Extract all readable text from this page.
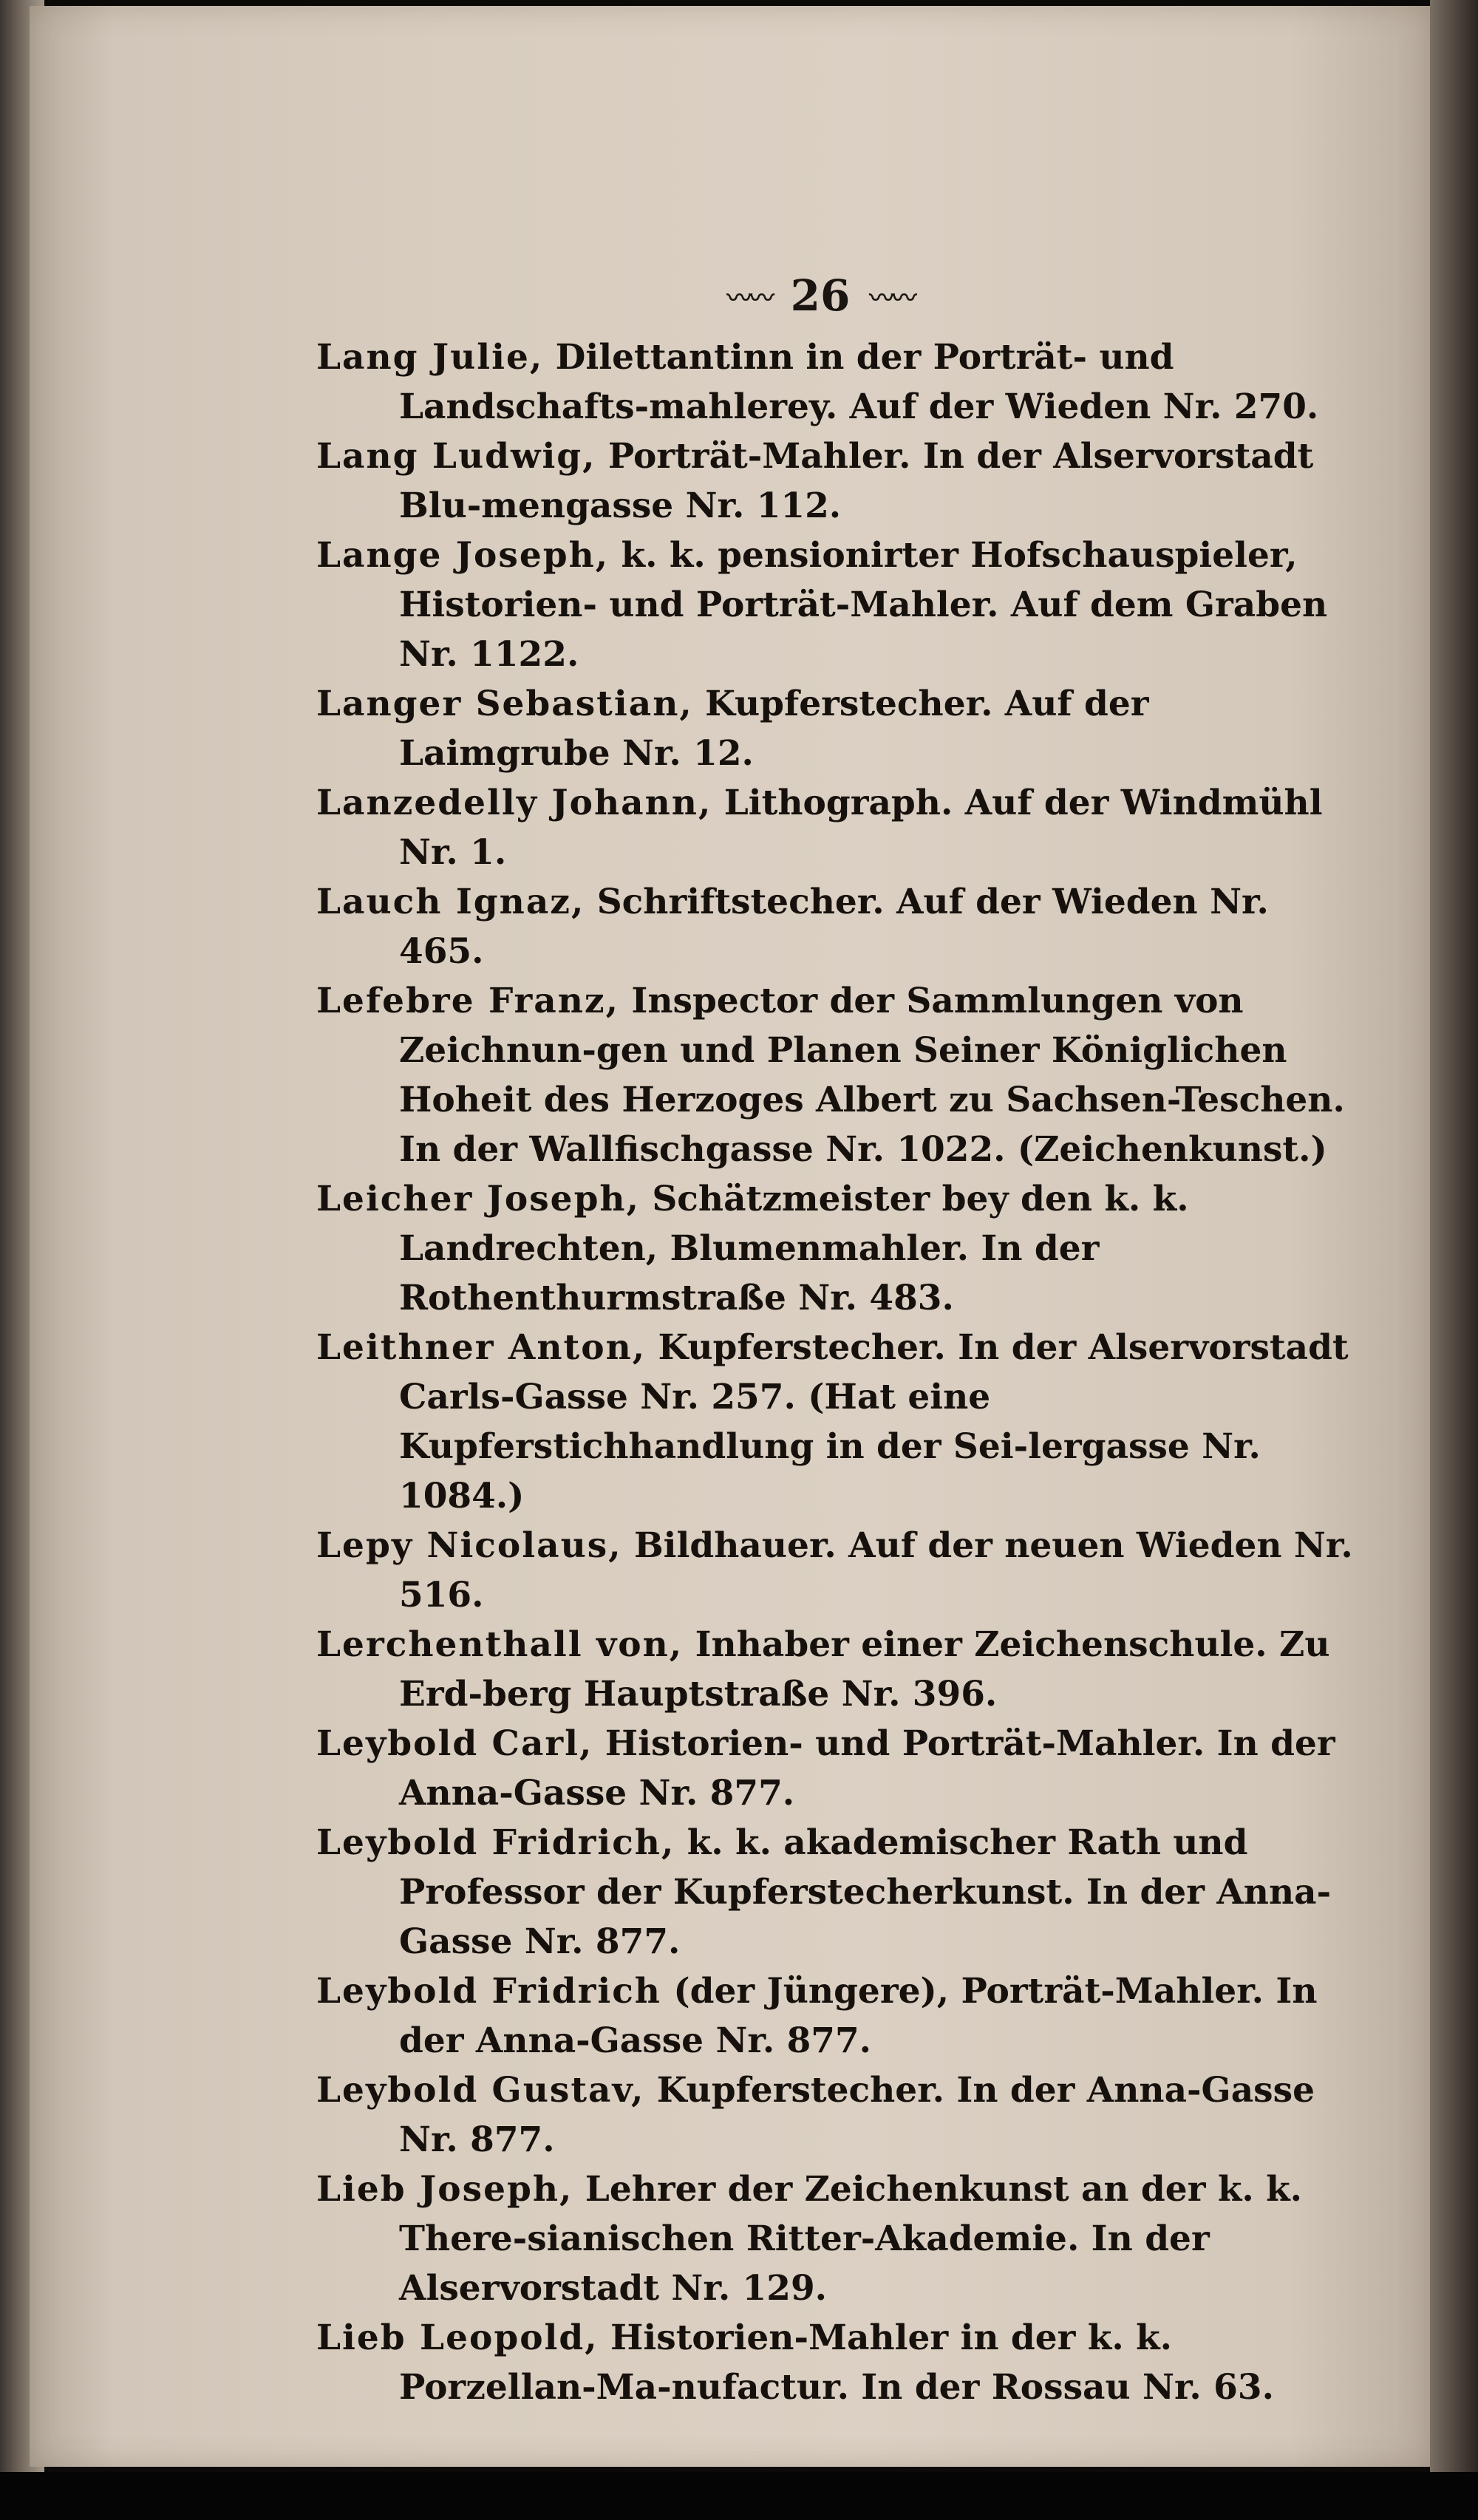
〰〰 26 〰〰

Lang Julie, Dilettantinn in der Porträt- und Landschafts-mahlerey. Auf der Wieden Nr. 270.

Lang Ludwig, Porträt-Mahler. In der Alservorstadt Blu-mengasse Nr. 112.

Lange Joseph, k. k. pensionirter Hofschauspieler, Historien- und Porträt-Mahler. Auf dem Graben Nr. 1122.

Langer Sebastian, Kupferstecher. Auf der Laimgrube Nr. 12.

Lanzedelly Johann, Lithograph. Auf der Windmühl Nr. 1.

Lauch Ignaz, Schriftstecher. Auf der Wieden Nr. 465.

Lefebre Franz, Inspector der Sammlungen von Zeichnun-gen und Planen Seiner Königlichen Hoheit des Herzoges Albert zu Sachsen-Teschen. In der Wallfischgasse Nr. 1022. (Zeichenkunst.)

Leicher Joseph, Schätzmeister bey den k. k. Landrechten, Blumenmahler. In der Rothenthurmstraße Nr. 483.

Leithner Anton, Kupferstecher. In der Alservorstadt Carls-Gasse Nr. 257. (Hat eine Kupferstichhandlung in der Sei-lergasse Nr. 1084.)

Lepy Nicolaus, Bildhauer. Auf der neuen Wieden Nr. 516.

Lerchenthall von, Inhaber einer Zeichenschule. Zu Erd-berg Hauptstraße Nr. 396.

Leybold Carl, Historien- und Porträt-Mahler. In der Anna-Gasse Nr. 877.

Leybold Fridrich, k. k. akademischer Rath und Professor der Kupferstecherkunst. In der Anna-Gasse Nr. 877.

Leybold Fridrich (der Jüngere), Porträt-Mahler. In der Anna-Gasse Nr. 877.

Leybold Gustav, Kupferstecher. In der Anna-Gasse Nr. 877.

Lieb Joseph, Lehrer der Zeichenkunst an der k. k. There-sianischen Ritter-Akademie. In der Alservorstadt Nr. 129.

Lieb Leopold, Historien-Mahler in der k. k. Porzellan-Ma-nufactur. In der Rossau Nr. 63.
